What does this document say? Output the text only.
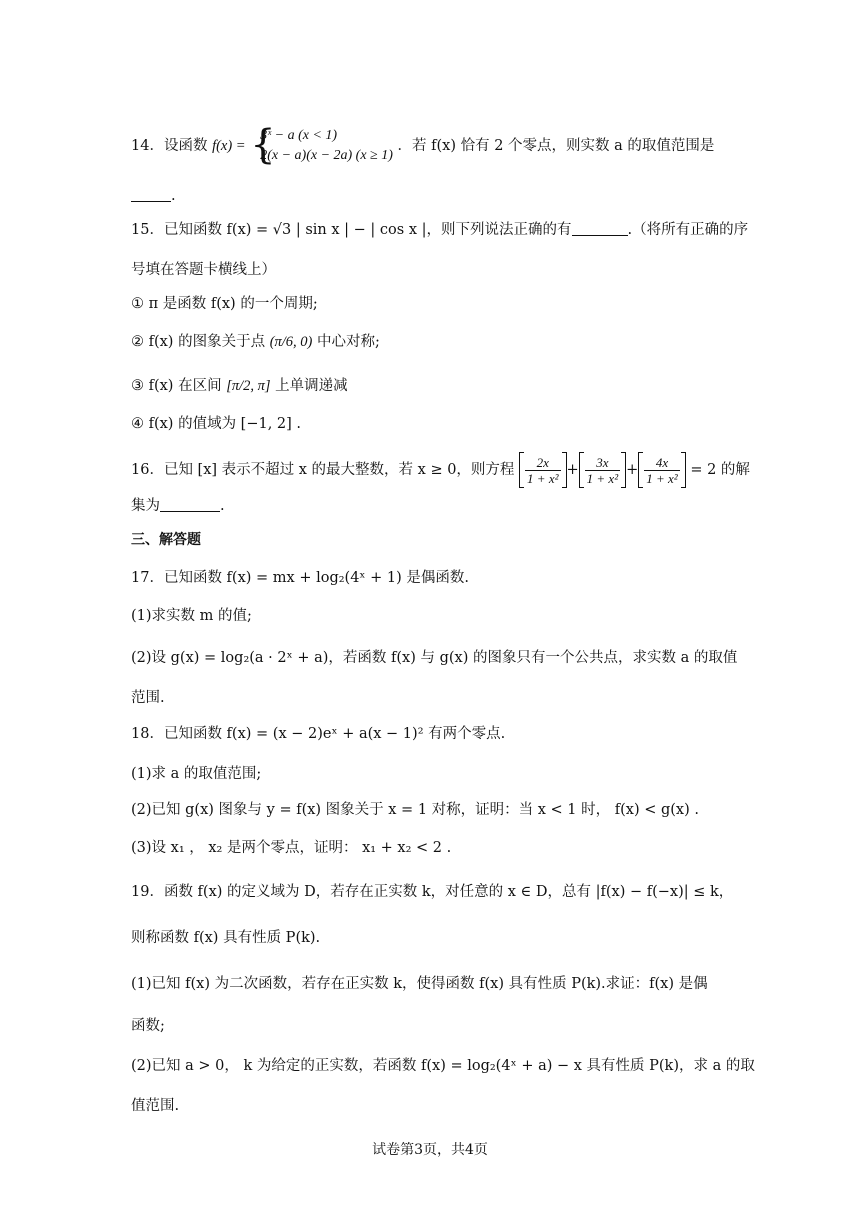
14．设函数 f(x) = {
3ˣ − a (x < 1)
2(x − a)(x − 2a) (x ≥ 1)
．若 f(x) 恰有 2 个零点，则实数 a 的取值范围是
.
15．已知函数 f(x) = √3 | sin x | − | cos x |，则下列说法正确的有	.（将所有正确的序
号填在答题卡横线上）
① π 是函数 f(x) 的一个周期;
② f(x) 的图象关于点 (π/6, 0) 中心对称;
③ f(x) 在区间 [π/2, π] 上单调递减
④ f(x) 的值域为 [−1, 2] .
16．已知 [x] 表示不超过 x 的最大整数，若 x ≥ 0，则方程 $\frac{2x}{\text{1 + x²}} + \frac{3x}{\text{1 + x²}} + \frac{4x}{\text{1 + x²}} = 2$ 的解
集为	.
三、解答题
17．已知函数 f(x) = mx + log₂(4ˣ + 1) 是偶函数.
(1)求实数 m 的值;
(2)设 g(x) = log₂(a · 2ˣ + a)，若函数 f(x) 与 g(x) 的图象只有一个公共点，求实数 a 的取值
范围.
18．已知函数 f(x) = (x − 2)eˣ + a(x − 1)² 有两个零点.
(1)求 a 的取值范围;
(2)已知 g(x) 图象与 y = f(x) 图象关于 x = 1 对称，证明：当 x < 1 时， f(x) < g(x) .
(3)设 x₁ ， x₂ 是两个零点，证明： x₁ + x₂ < 2 .
19．函数 f(x) 的定义域为 D，若存在正实数 k，对任意的 x ∈ D，总有 |f(x) − f(−x)| ≤ k，
则称函数 f(x) 具有性质 P(k).
(1)已知 f(x) 为二次函数，若存在正实数 k，使得函数 f(x) 具有性质 P(k).求证：f(x) 是偶
函数;
(2)已知 a > 0， k 为给定的正实数，若函数 f(x) = log₂(4ˣ + a) − x 具有性质 P(k)，求 a 的取
值范围.
试卷第3页，共4页
